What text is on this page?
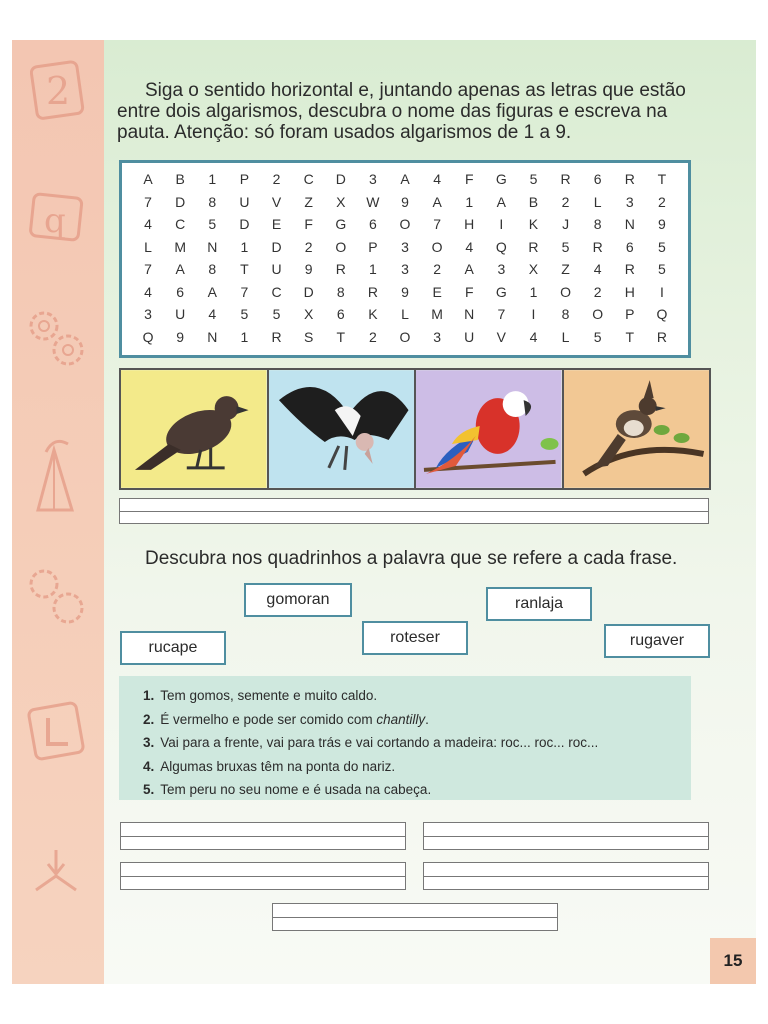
2
q

Siga o sentido horizontal e, juntando apenas as letras que estão

entre dois algarismos, descubra o nome das figuras e escreva na

pauta. Atenção: só foram usados algarismos de 1 a 9.

A	B	1	P	2	C	D	3	A	4	F	G	5	R	6	R	T
7	D	8	U	V	Z	X	W	9	A	1	A	B	2	L	3	2
4	C	5	D	E	F	G	6	O	7	H	I	K	J	8	N	9
L	M	N	1	D	2	O	P	3	O	4	Q	R	5	R	6	5
7	A	8	T	U	9	R	1	3	2	A	3	X	Z	4	R	5
4	6	A	7	C	D	8	R	9	E	F	G	1	O	2	H	I
3	U	4	5	5	X	6	K	L	M	N	7	I	8	O	P	Q
Q	9	N	1	R	S	T	2	O	3	U	V	4	L	5	T	R
Descubra nos quadrinhos a palavra que se refere a cada frase.
gomoran	ranlaja
rucape
roteser	rugaver
1. Tem gomos, semente e muito caldo.
2. É vermelho e pode ser comido com chantilly.
3. Vai para a frente, vai para trás e vai cortando a madeira: roc... roc... roc...
4. Algumas bruxas têm na ponta do nariz.
5. Tem peru no seu nome e é usada na cabeça.
15
